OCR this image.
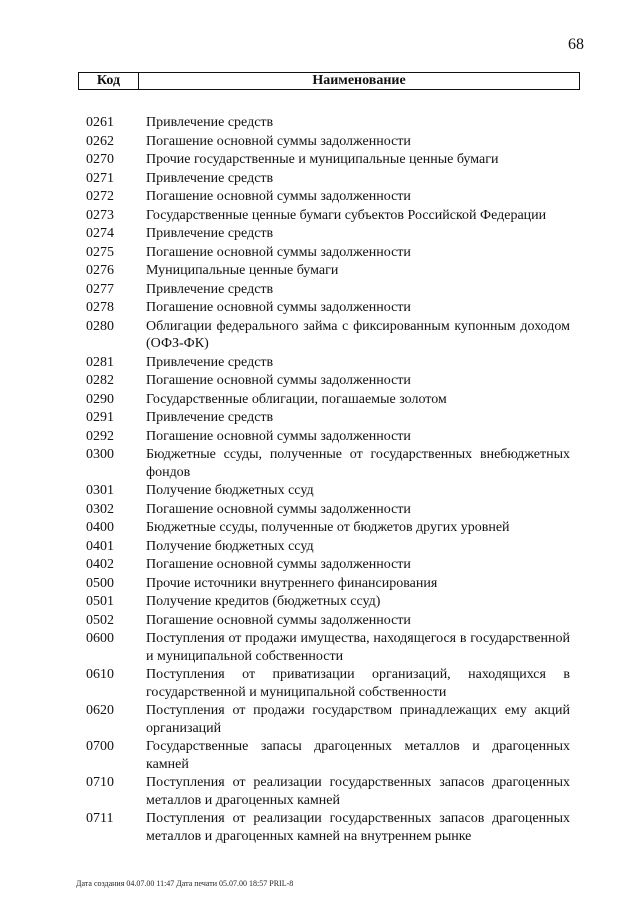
68
Код	Наименование
0261	Привлечение средств
0262	Погашение основной суммы задолженности
0270	Прочие государственные и муниципальные ценные бумаги
0271	Привлечение средств
0272	Погашение основной суммы задолженности
0273	Государственные ценные бумаги субъектов Российской Федерации
0274	Привлечение средств
0275	Погашение основной суммы задолженности
0276	Муниципальные ценные бумаги
0277	Привлечение средств
0278	Погашение основной суммы задолженности
0280	Облигации федерального займа с фиксированным купонным доходом (ОФЗ-ФК)
0281	Привлечение средств
0282	Погашение основной суммы задолженности
0290	Государственные облигации, погашаемые золотом
0291	Привлечение средств
0292	Погашение основной суммы задолженности
0300	Бюджетные ссуды, полученные от государственных внебюджетных фондов
0301	Получение бюджетных ссуд
0302	Погашение основной суммы задолженности
0400	Бюджетные ссуды, полученные от бюджетов других уровней
0401	Получение бюджетных ссуд
0402	Погашение основной суммы задолженности
0500	Прочие источники внутреннего финансирования
0501	Получение кредитов (бюджетных ссуд)
0502	Погашение основной суммы задолженности
0600	Поступления от продажи имущества, находящегося в государственной и муниципальной собственности
0610	Поступления от приватизации организаций, находящихся в государственной и муниципальной собственности
0620	Поступления от продажи государством принадлежащих ему акций организаций
0700	Государственные запасы драгоценных металлов и драгоценных камней
0710	Поступления от реализации государственных запасов драгоценных металлов и драгоценных камней
0711	Поступления от реализации государственных запасов драгоценных металлов и драгоценных камней на внутреннем рынке
Дата создания 04.07.00 11:47 Дата печати 05.07.00 18:57 PRIL-8
